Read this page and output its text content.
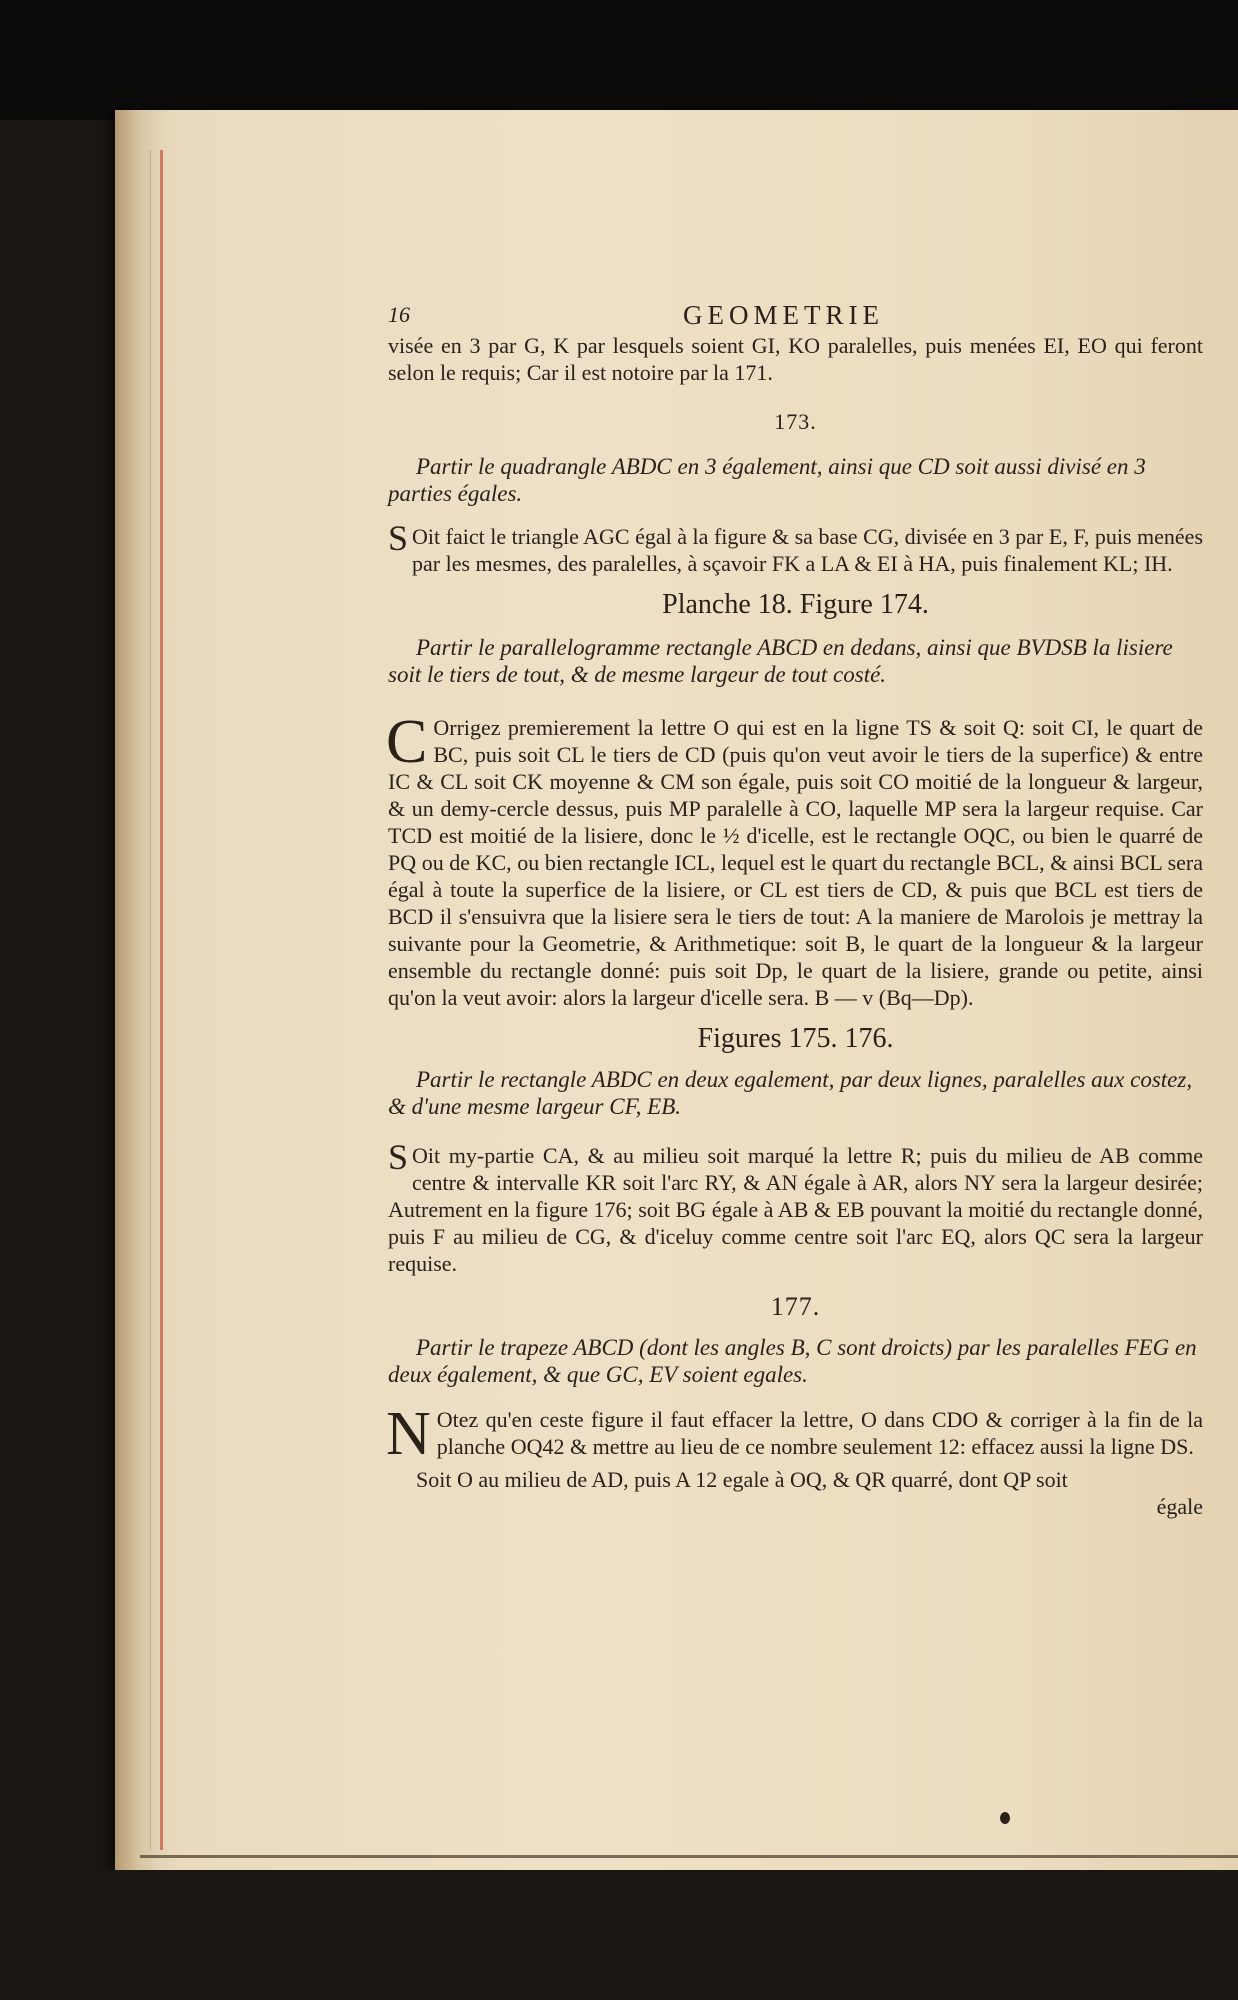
16	GEOMETRIE

visée en 3 par G, K par lesquels soient GI, KO paralelles, puis menées EI, EO qui feront selon le requis; Car il est notoire par la 171.

173.

Partir le quadrangle ABDC en 3 également, ainsi que CD soit aussi divisé en 3 parties égales.

S Oit faict le triangle AGC égal à la figure & sa base CG, divisée en 3 par E, F, puis menées par les mesmes, des paralelles, à sçavoir FK a LA & EI à HA, puis finalement KL; IH.

Planche 18. Figure 174.

Partir le parallelogramme rectangle ABCD en dedans, ainsi que BVDSB la lisiere soit le tiers de tout, & de mesme largeur de tout costé.

C Orrigez premierement la lettre O qui est en la ligne TS & soit Q: soit CI, le quart de BC, puis soit CL le tiers de CD (puis qu'on veut avoir le tiers de la superfice) & entre IC & CL soit CK moyenne & CM son égale, puis soit CO moitié de la longueur & largeur, & un demy-cercle dessus, puis MP paralelle à CO, laquelle MP sera la largeur requise. Car TCD est moitié de la lisiere, donc le ½ d'icelle, est le rectangle OQC, ou bien le quarré de PQ ou de KC, ou bien rectangle ICL, lequel est le quart du rectangle BCL, & ainsi BCL sera égal à toute la superfice de la lisiere, or CL est tiers de CD, & puis que BCL est tiers de BCD il s'ensuivra que la lisiere sera le tiers de tout: A la maniere de Marolois je mettray la suivante pour la Geometrie, & Arithmetique: soit B, le quart de la longueur & la largeur ensemble du rectangle donné: puis soit Dp, le quart de la lisiere, grande ou petite, ainsi qu'on la veut avoir: alors la largeur d'icelle sera. B — v (Bq—Dp).

Figures 175. 176.

Partir le rectangle ABDC en deux egalement, par deux lignes, paralelles aux costez, & d'une mesme largeur CF, EB.

S Oit my-partie CA, & au milieu soit marqué la lettre R; puis du milieu de AB comme centre & intervalle KR soit l'arc RY, & AN égale à AR, alors NY sera la largeur desirée; Autrement en la figure 176; soit BG égale à AB & EB pouvant la moitié du rectangle donné, puis F au milieu de CG, & d'iceluy comme centre soit l'arc EQ, alors QC sera la largeur requise.

177.

Partir le trapeze ABCD (dont les angles B, C sont droicts) par les paralelles FEG en deux également, & que GC, EV soient egales.

N Otez qu'en ceste figure il faut effacer la lettre, O dans CDO & corriger à la fin de la planche OQ42 & mettre au lieu de ce nombre seulement 12: effacez aussi la ligne DS.

Soit O au milieu de AD, puis A 12 egale à OQ, & QR quarré, dont QP soit

égale
